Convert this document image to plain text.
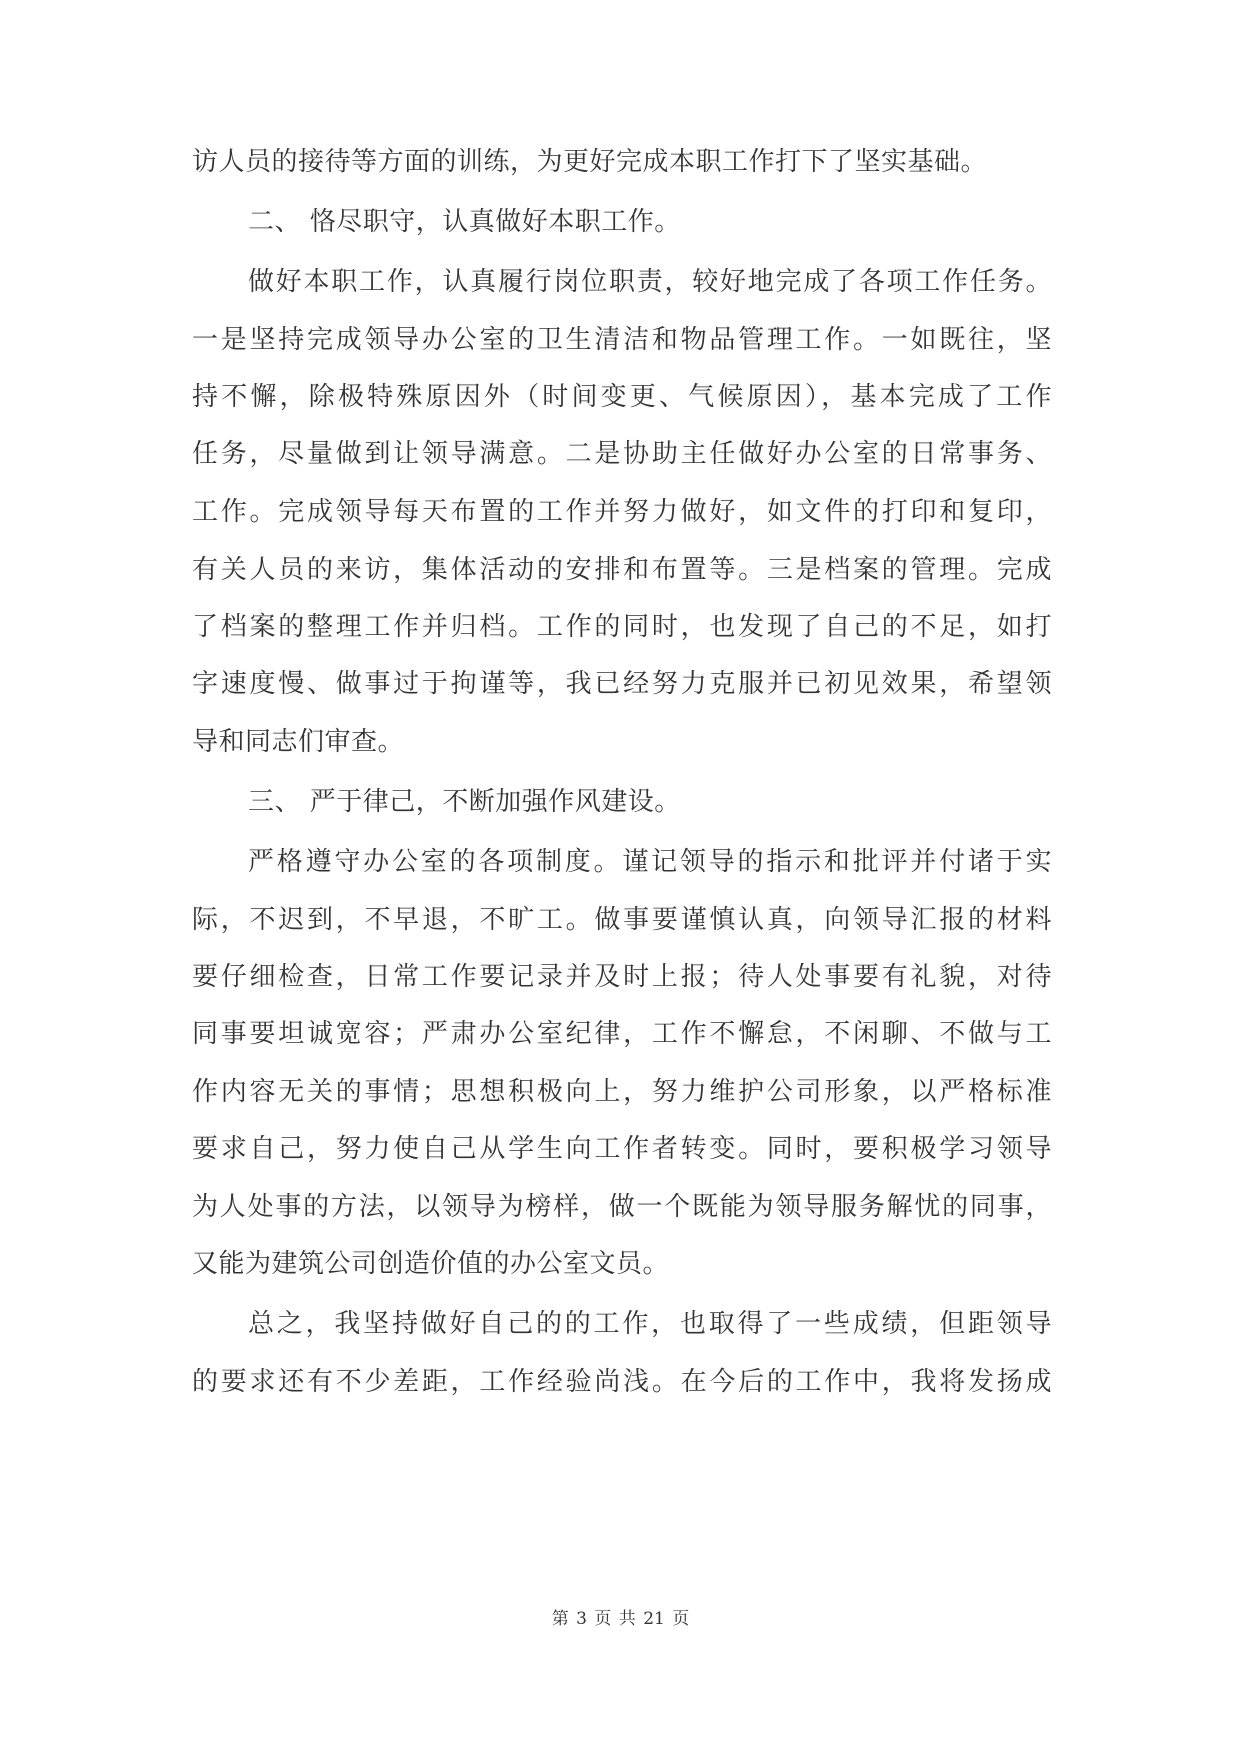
访人员的接待等方面的训练，为更好完成本职工作打下了坚实基础。
二、 恪尽职守，认真做好本职工作。
做好本职工作，认真履行岗位职责，较好地完成了各项工作任务。
一是坚持完成领导办公室的卫生清洁和物品管理工作。一如既往，坚
持不懈，除极特殊原因外（时间变更、气候原因），基本完成了工作
任务，尽量做到让领导满意。二是协助主任做好办公室的日常事务、
工作。完成领导每天布置的工作并努力做好，如文件的打印和复印，
有关人员的来访，集体活动的安排和布置等。三是档案的管理。完成
了档案的整理工作并归档。工作的同时，也发现了自己的不足，如打
字速度慢、做事过于拘谨等，我已经努力克服并已初见效果，希望领
导和同志们审查。
三、 严于律己，不断加强作风建设。
严格遵守办公室的各项制度。谨记领导的指示和批评并付诸于实
际，不迟到，不早退，不旷工。做事要谨慎认真，向领导汇报的材料
要仔细检查，日常工作要记录并及时上报；待人处事要有礼貌，对待
同事要坦诚宽容；严肃办公室纪律，工作不懈怠，不闲聊、不做与工
作内容无关的事情；思想积极向上，努力维护公司形象，以严格标准
要求自己，努力使自己从学生向工作者转变。同时，要积极学习领导
为人处事的方法，以领导为榜样，做一个既能为领导服务解忧的同事，
又能为建筑公司创造价值的办公室文员。
总之，我坚持做好自己的的工作，也取得了一些成绩，但距领导
的要求还有不少差距，工作经验尚浅。在今后的工作中，我将发扬成
第 3 页 共 21 页
